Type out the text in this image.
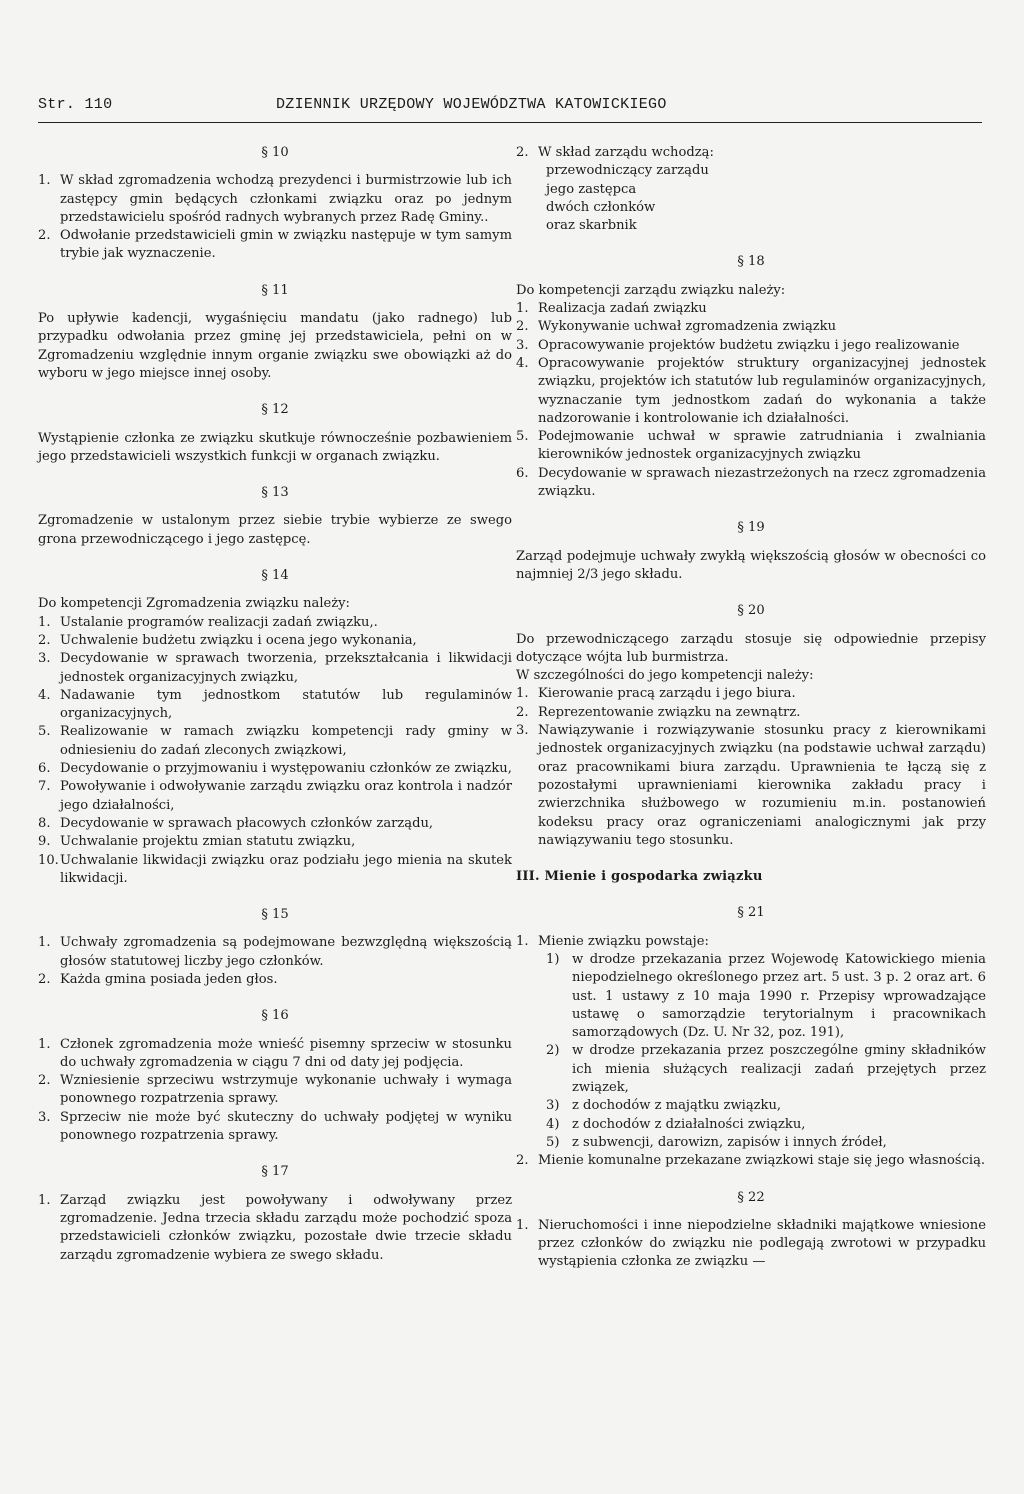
Str. 110	DZIENNIK URZĘDOWY WOJEWÓDZTWA KATOWICKIEGO
§ 10
1. W skład zgromadzenia wchodzą prezydenci i burmistrzowie lub ich zastępcy gmin będących członkami związku oraz po jednym przedstawicielu spośród radnych wybranych przez Radę Gminy..
2. Odwołanie przedstawicieli gmin w związku następuje w tym samym trybie jak wyznaczenie.
§ 11
Po upływie kadencji, wygaśnięciu mandatu (jako radnego) lub przypadku odwołania przez gminę jej przedstawiciela, pełni on w Zgromadzeniu względnie innym organie związku swe obowiązki aż do wyboru w jego miejsce innej osoby.
§ 12
Wystąpienie członka ze związku skutkuje równocześnie pozbawieniem jego przedstawicieli wszystkich funkcji w organach związku.
§ 13
Zgromadzenie w ustalonym przez siebie trybie wybierze ze swego grona przewodniczącego i jego zastępcę.
§ 14
Do kompetencji Zgromadzenia związku należy:
1. Ustalanie programów realizacji zadań związku,.
2. Uchwalenie budżetu związku i ocena jego wykonania,
3. Decydowanie w sprawach tworzenia, przekształcania i likwidacji jednostek organizacyjnych związku,
4. Nadawanie tym jednostkom statutów lub regulaminów organizacyjnych,
5. Realizowanie w ramach związku kompetencji rady gminy w odniesieniu do zadań zleconych związkowi,
6. Decydowanie o przyjmowaniu i występowaniu członków ze związku,
7. Powoływanie i odwoływanie zarządu związku oraz kontrola i nadzór jego działalności,
8. Decydowanie w sprawach płacowych członków zarządu,
9. Uchwalanie projektu zmian statutu związku,
10. Uchwalanie likwidacji związku oraz podziału jego mienia na skutek likwidacji.
§ 15
1. Uchwały zgromadzenia są podejmowane bezwzględną większością głosów statutowej liczby jego członków.
2. Każda gmina posiada jeden głos.
§ 16
1. Członek zgromadzenia może wnieść pisemny sprzeciw w stosunku do uchwały zgromadzenia w ciągu 7 dni od daty jej podjęcia.
2. Wzniesienie sprzeciwu wstrzymuje wykonanie uchwały i wymaga ponownego rozpatrzenia sprawy.
3. Sprzeciw nie może być skuteczny do uchwały podjętej w wyniku ponownego rozpatrzenia sprawy.
§ 17
1. Zarząd związku jest powoływany i odwoływany przez zgromadzenie. Jedna trzecia składu zarządu może pochodzić spoza przedstawicieli członków związku, pozostałe dwie trzecie składu zarządu zgromadzenie wybiera ze swego składu.
2. W skład zarządu wchodzą:
przewodniczący zarządu
jego zastępca
dwóch członków
oraz skarbnik
§ 18
Do kompetencji zarządu związku należy:
1. Realizacja zadań związku
2. Wykonywanie uchwał zgromadzenia związku
3. Opracowywanie projektów budżetu związku i jego realizowanie
4. Opracowywanie projektów struktury organizacyjnej jednostek związku, projektów ich statutów lub regulaminów organizacyjnych, wyznaczanie tym jednostkom zadań do wykonania a także nadzorowanie i kontrolowanie ich działalności.
5. Podejmowanie uchwał w sprawie zatrudniania i zwalniania kierowników jednostek organizacyjnych związku
6. Decydowanie w sprawach niezastrzeżonych na rzecz zgromadzenia związku.
§ 19
Zarząd podejmuje uchwały zwykłą większością głosów w obecności co najmniej 2/3 jego składu.
§ 20
Do przewodniczącego zarządu stosuje się odpowiednie przepisy dotyczące wójta lub burmistrza.
W szczególności do jego kompetencji należy:
1. Kierowanie pracą zarządu i jego biura.
2. Reprezentowanie związku na zewnątrz.
3. Nawiązywanie i rozwiązywanie stosunku pracy z kierownikami jednostek organizacyjnych związku (na podstawie uchwał zarządu) oraz pracownikami biura zarządu. Uprawnienia te łączą się z pozostałymi uprawnieniami kierownika zakładu pracy i zwierzchnika służbowego w rozumieniu m.in. postanowień kodeksu pracy oraz ograniczeniami analogicznymi jak przy nawiązywaniu tego stosunku.
III. Mienie i gospodarka związku
§ 21
1. Mienie związku powstaje:
1) w drodze przekazania przez Wojewodę Katowickiego mienia niepodzielnego określonego przez art. 5 ust. 3 p. 2 oraz art. 6 ust. 1 ustawy z 10 maja 1990 r. Przepisy wprowadzające ustawę o samorządzie terytorialnym i pracownikach samorządowych (Dz. U. Nr 32, poz. 191),
2) w drodze przekazania przez poszczególne gminy składników ich mienia służących realizacji zadań przejętych przez związek,
3) z dochodów z majątku związku,
4) z dochodów z działalności związku,
5) z subwencji, darowizn, zapisów i innych źródeł,
2. Mienie komunalne przekazane związkowi staje się jego własnością.
§ 22
1. Nieruchomości i inne niepodzielne składniki majątkowe wniesione przez członków do związku nie podlegają zwrotowi w przypadku wystąpienia członka ze związku —
